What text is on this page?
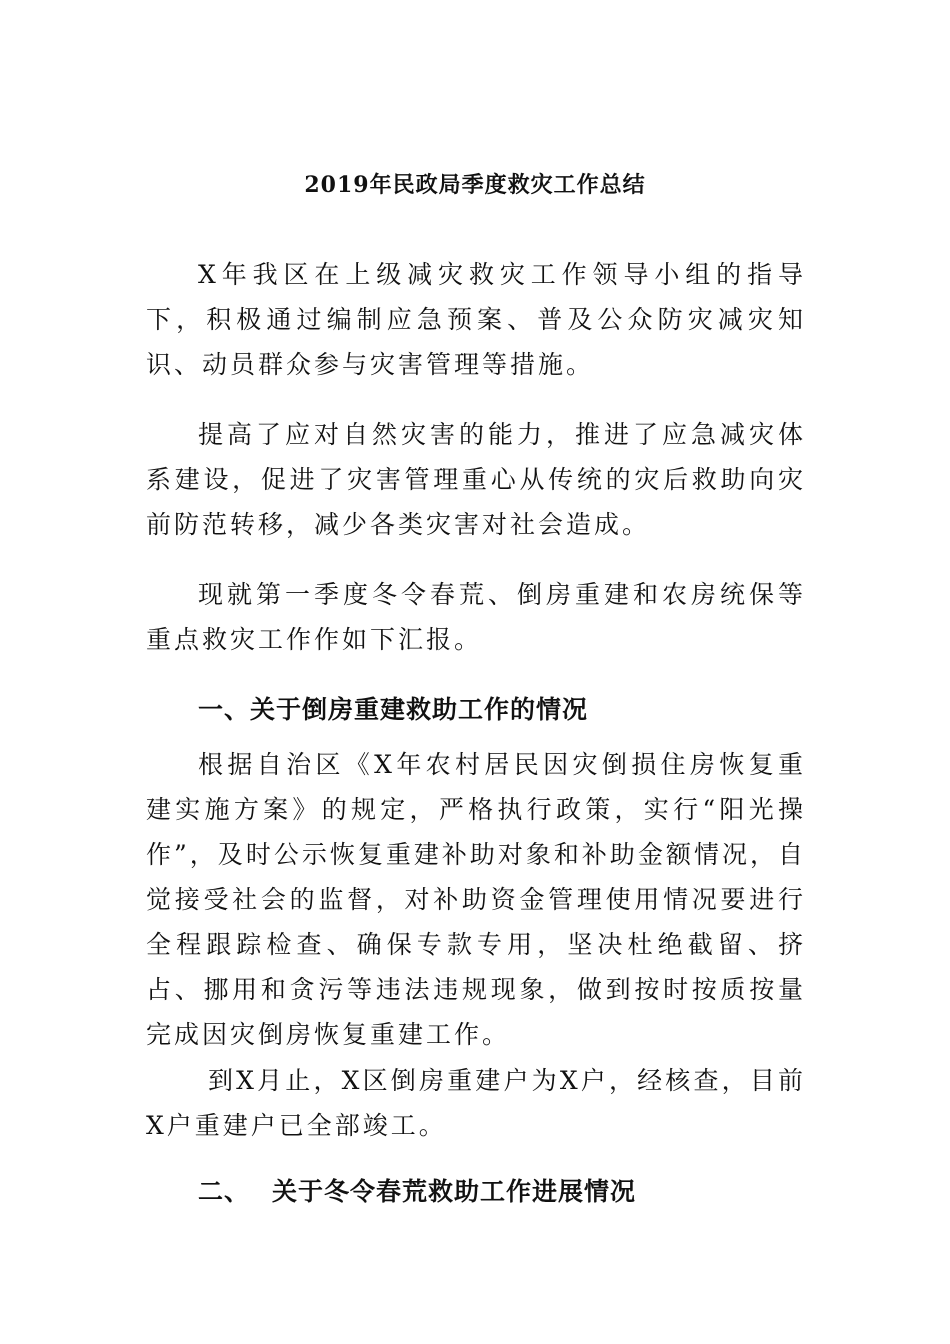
2019年民政局季度救灾工作总结
X年我区在上级减灾救灾工作领导小组的指导下，积极通过编制应急预案、普及公众防灾减灾知识、动员群众参与灾害管理等措施。
提高了应对自然灾害的能力，推进了应急减灾体系建设，促进了灾害管理重心从传统的灾后救助向灾前防范转移，减少各类灾害对社会造成。
现就第一季度冬令春荒、倒房重建和农房统保等重点救灾工作作如下汇报。
一、关于倒房重建救助工作的情况
根据自治区《X年农村居民因灾倒损住房恢复重建实施方案》的规定，严格执行政策，实行“阳光操作”，及时公示恢复重建补助对象和补助金额情况，自觉接受社会的监督，对补助资金管理使用情况要进行全程跟踪检查、确保专款专用，坚决杜绝截留、挤占、挪用和贪污等违法违规现象，做到按时按质按量完成因灾倒房恢复重建工作。
到X月止，X区倒房重建户为X户，经核查，目前X户重建户已全部竣工。
二、 关于冬令春荒救助工作进展情况
